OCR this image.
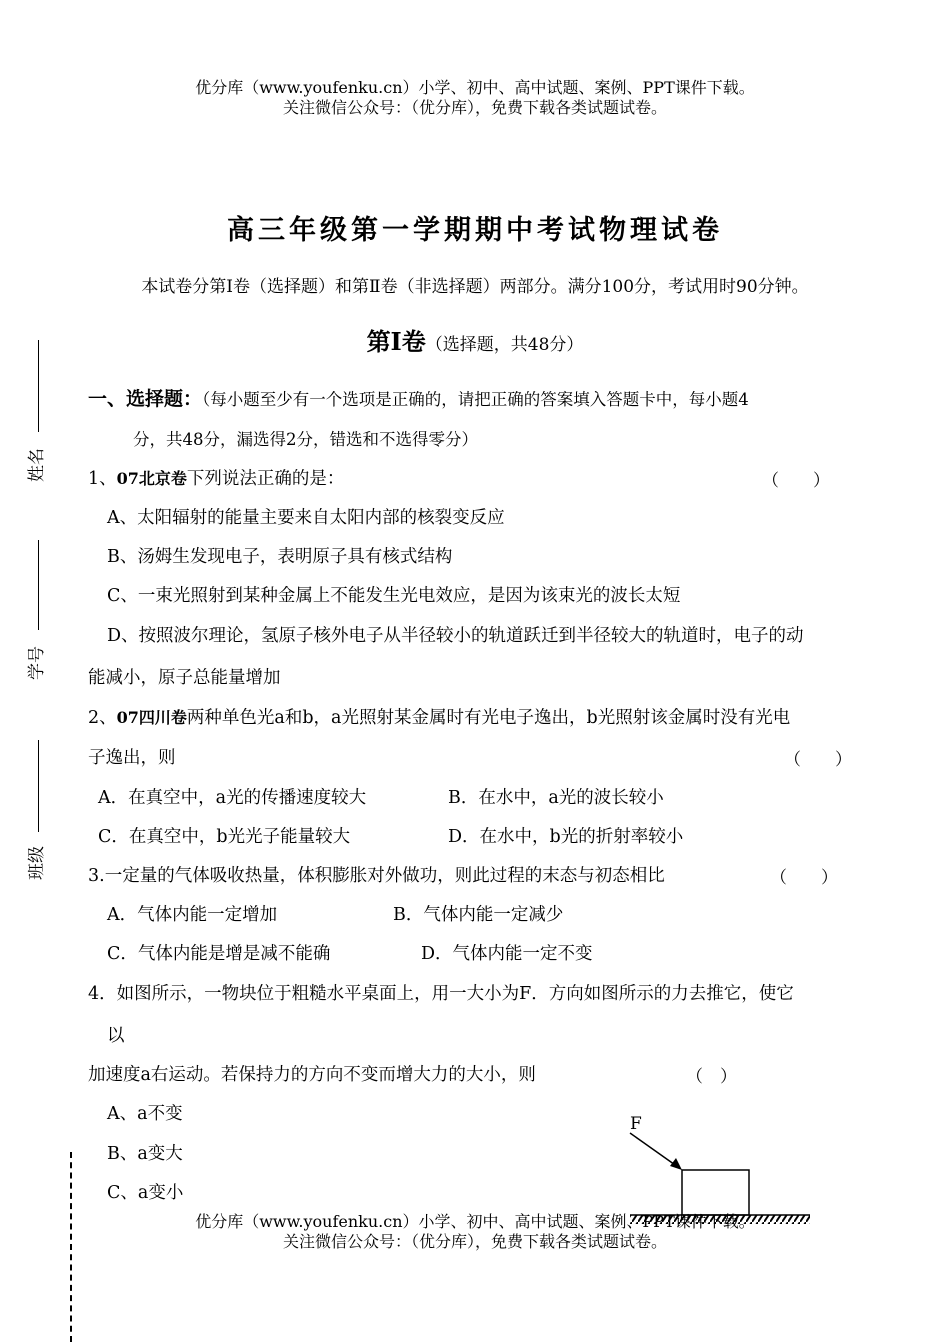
优分库（www.youfenku.cn）小学、初中、高中试题、案例、PPT课件下载。
关注微信公众号：（优分库），免费下载各类试题试卷。
高三年级第一学期期中考试物理试卷
本试卷分第Ⅰ卷（选择题）和第Ⅱ卷（非选择题）两部分。满分100分，考试用时90分钟。
第Ⅰ卷（选择题，共48分）
姓名
学号
班级
一、选择题：（每小题至少有一个选项是正确的，请把正确的答案填入答题卡中，每小题4
分，共48分，漏选得2分，错选和不选得零分）
1、07北京卷下列说法正确的是：	（　　）
A、太阳辐射的能量主要来自太阳内部的核裂变反应
B、汤姆生发现电子，表明原子具有核式结构
C、一束光照射到某种金属上不能发生光电效应，是因为该束光的波长太短
D、按照波尔理论，氢原子核外电子从半径较小的轨道跃迁到半径较大的轨道时，电子的动
能减小，原子总能量增加
2、07四川卷两种单色光a和b，a光照射某金属时有光电子逸出，b光照射该金属时没有光电
子逸出，则	（　　）
A．在真空中，a光的传播速度较大	B．在水中，a光的波长较小
C．在真空中，b光光子能量较大	D．在水中，b光的折射率较小
3.一定量的气体吸收热量，体积膨胀对外做功，则此过程的末态与初态相比	（　　）
A．气体内能一定增加	B．气体内能一定减少
C．气体内能是增是减不能确	D．气体内能一定不变
4．如图所示，一物块位于粗糙水平桌面上，用一大小为F．方向如图所示的力去推它，使它
以
加速度a右运动。若保持力的方向不变而增大力的大小，则	（　）
A、a不变
B、a变大
C、a变小
F
优分库（www.youfenku.cn）小学、初中、高中试题、案例、PPT课件下载。
关注微信公众号：（优分库），免费下载各类试题试卷。
